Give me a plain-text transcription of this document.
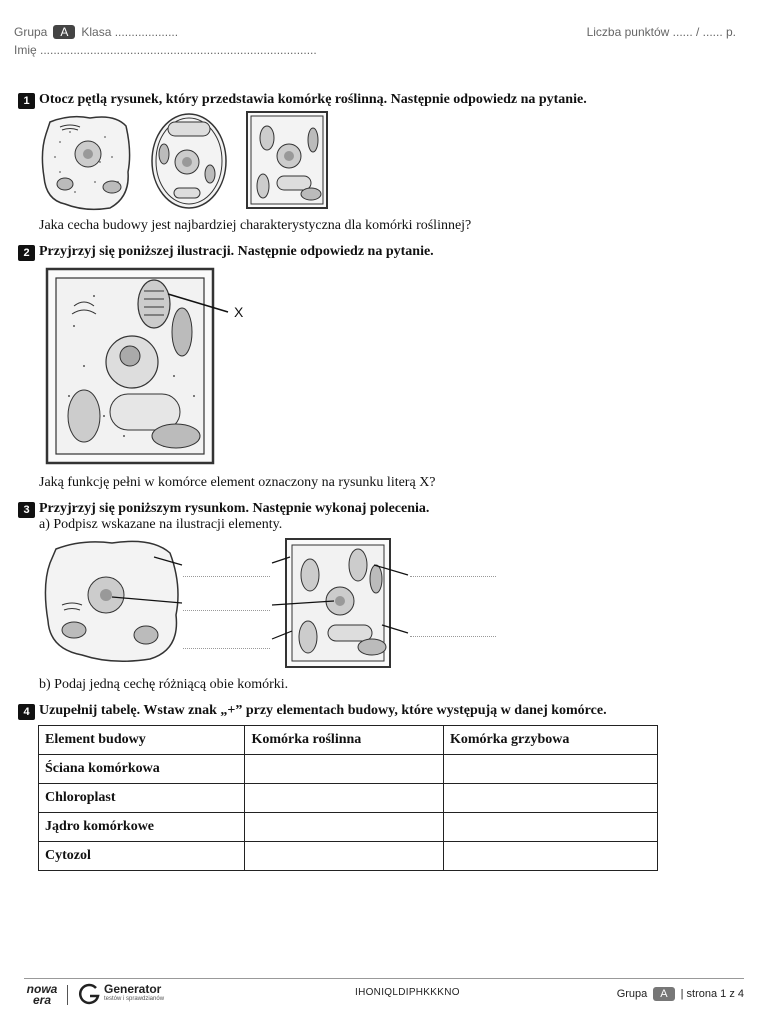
Grupa A Klasa ...................
Imię ...................................................................................
Liczba punktów ...... / ...... p.
1 Otocz pętlą rysunek, który przedstawia komórkę roślinną. Następnie odpowiedz na pytanie.
Jaka cecha budowy jest najbardziej charakterystyczna dla komórki roślinnej?
2 Przyjrzyj się poniższej ilustracji. Następnie odpowiedz na pytanie.
X
Jaką funkcję pełni w komórce element oznaczony na rysunku literą X?
3 Przyjrzyj się poniższym rysunkom. Następnie wykonaj polecenia.
a) Podpisz wskazane na ilustracji elementy.
b) Podaj jedną cechę różniącą obie komórki.
4 Uzupełnij tabelę. Wstaw znak „+” przy elementach budowy, które występują w danej komórce.
Element budowy	Komórka roślinna	Komórka grzybowa
Ściana komórkowa		
Chloroplast		
Jądro komórkowe		
Cytozol		
nowa era
Generator
testów i sprawdzianów
IHONIQLDIPHKKKNO	Grupa A | strona 1 z 4
